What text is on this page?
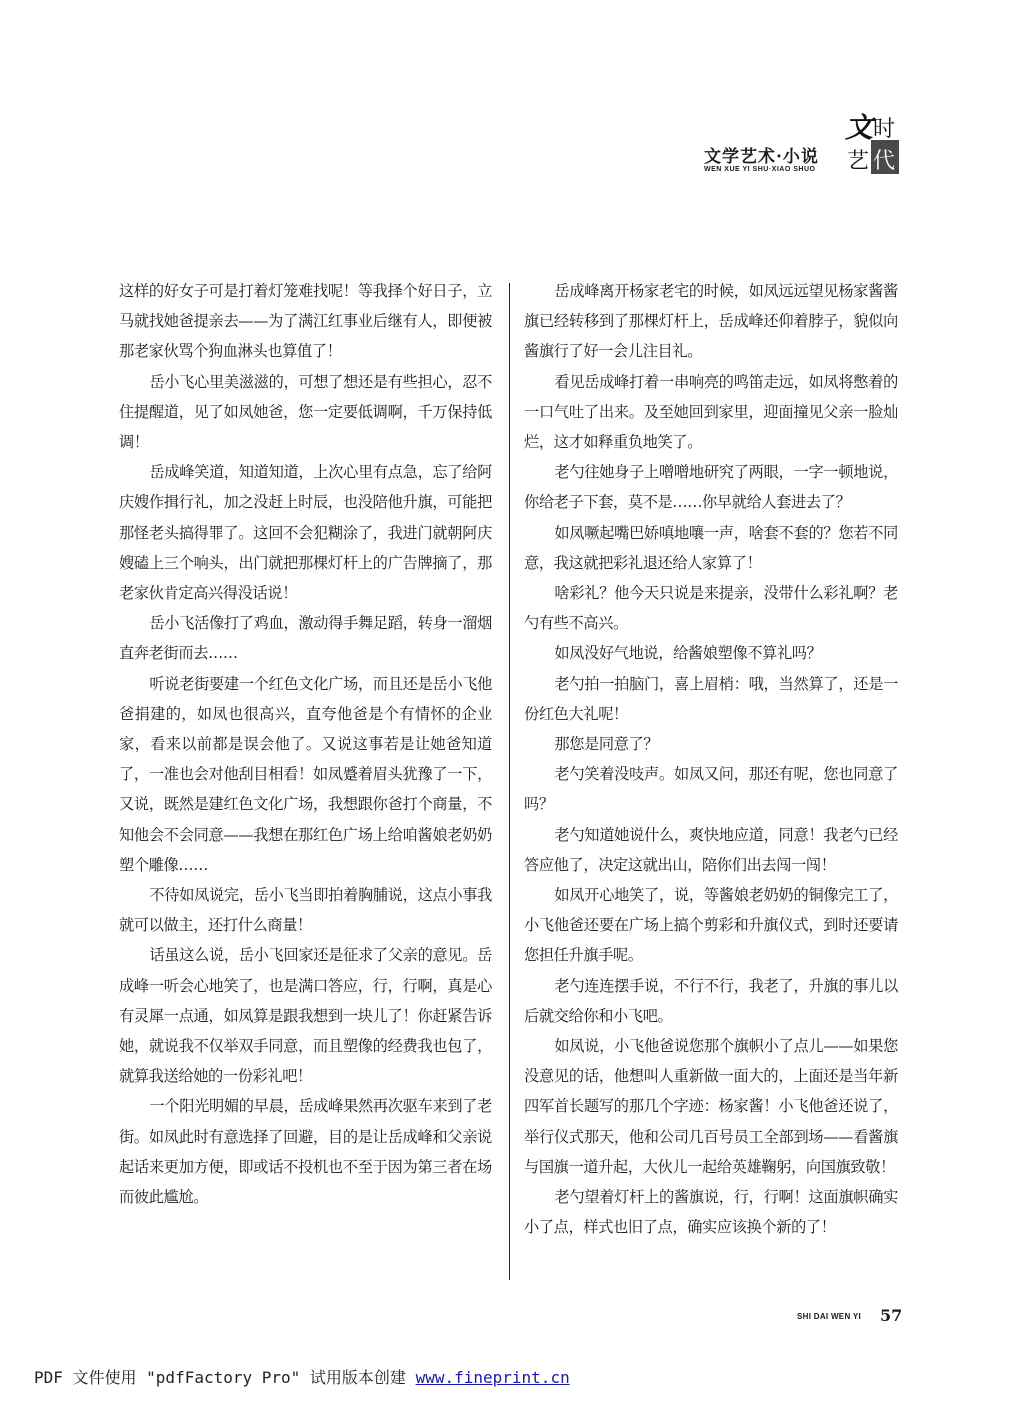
文学艺术·小说
WEN XUE YI SHU·XIAO SHUO
文 时
艺 代

这样的好女子可是打着灯笼难找呢！等我择个好日子，立马就找她爸提亲去——为了满江红事业后继有人，即便被那老家伙骂个狗血淋头也算值了！

岳小飞心里美滋滋的，可想了想还是有些担心，忍不住提醒道，见了如凤她爸，您一定要低调啊，千万保持低调！

岳成峰笑道，知道知道，上次心里有点急，忘了给阿庆嫂作揖行礼，加之没赶上时辰，也没陪他升旗，可能把那怪老头搞得罪了。这回不会犯糊涂了，我进门就朝阿庆嫂磕上三个响头，出门就把那棵灯杆上的广告牌摘了，那老家伙肯定高兴得没话说！

岳小飞活像打了鸡血，激动得手舞足蹈，转身一溜烟直奔老街而去……

听说老街要建一个红色文化广场，而且还是岳小飞他爸捐建的，如凤也很高兴，直夸他爸是个有情怀的企业家，看来以前都是误会他了。又说这事若是让她爸知道了，一准也会对他刮目相看！如凤蹙着眉头犹豫了一下，又说，既然是建红色文化广场，我想跟你爸打个商量，不知他会不会同意——我想在那红色广场上给咱酱娘老奶奶塑个雕像……

不待如凤说完，岳小飞当即拍着胸脯说，这点小事我就可以做主，还打什么商量！

话虽这么说，岳小飞回家还是征求了父亲的意见。岳成峰一听会心地笑了，也是满口答应，行，行啊，真是心有灵犀一点通，如凤算是跟我想到一块儿了！你赶紧告诉她，就说我不仅举双手同意，而且塑像的经费我也包了，就算我送给她的一份彩礼吧！

一个阳光明媚的早晨，岳成峰果然再次驱车来到了老街。如凤此时有意选择了回避，目的是让岳成峰和父亲说起话来更加方便，即或话不投机也不至于因为第三者在场而彼此尴尬。

岳成峰离开杨家老宅的时候，如凤远远望见杨家酱酱旗已经转移到了那棵灯杆上，岳成峰还仰着脖子，貌似向酱旗行了好一会儿注目礼。

看见岳成峰打着一串响亮的鸣笛走远，如凤将憋着的一口气吐了出来。及至她回到家里，迎面撞见父亲一脸灿烂，这才如释重负地笑了。

老勺往她身子上噌噌地研究了两眼，一字一顿地说，你给老子下套，莫不是……你早就给人套进去了？

如凤噘起嘴巴娇嗔地嚷一声，啥套不套的？您若不同意，我这就把彩礼退还给人家算了！

啥彩礼？他今天只说是来提亲，没带什么彩礼啊？老勺有些不高兴。

如凤没好气地说，给酱娘塑像不算礼吗？

老勺拍一拍脑门，喜上眉梢：哦，当然算了，还是一份红色大礼呢！

那您是同意了？

老勺笑着没吱声。如凤又问，那还有呢，您也同意了吗？

老勺知道她说什么，爽快地应道，同意！我老勺已经答应他了，决定这就出山，陪你们出去闯一闯！

如凤开心地笑了，说，等酱娘老奶奶的铜像完工了，小飞他爸还要在广场上搞个剪彩和升旗仪式，到时还要请您担任升旗手呢。

老勺连连摆手说，不行不行，我老了，升旗的事儿以后就交给你和小飞吧。

如凤说，小飞他爸说您那个旗帜小了点儿——如果您没意见的话，他想叫人重新做一面大的，上面还是当年新四军首长题写的那几个字迹：杨家酱！小飞他爸还说了，举行仪式那天，他和公司几百号员工全部到场——看酱旗与国旗一道升起，大伙儿一起给英雄鞠躬，向国旗致敬！

老勺望着灯杆上的酱旗说，行，行啊！这面旗帜确实小了点，样式也旧了点，确实应该换个新的了！

SHI DAI WEN YI 57
PDF 文件使用 "pdfFactory Pro" 试用版本创建 www.fineprint.cn
